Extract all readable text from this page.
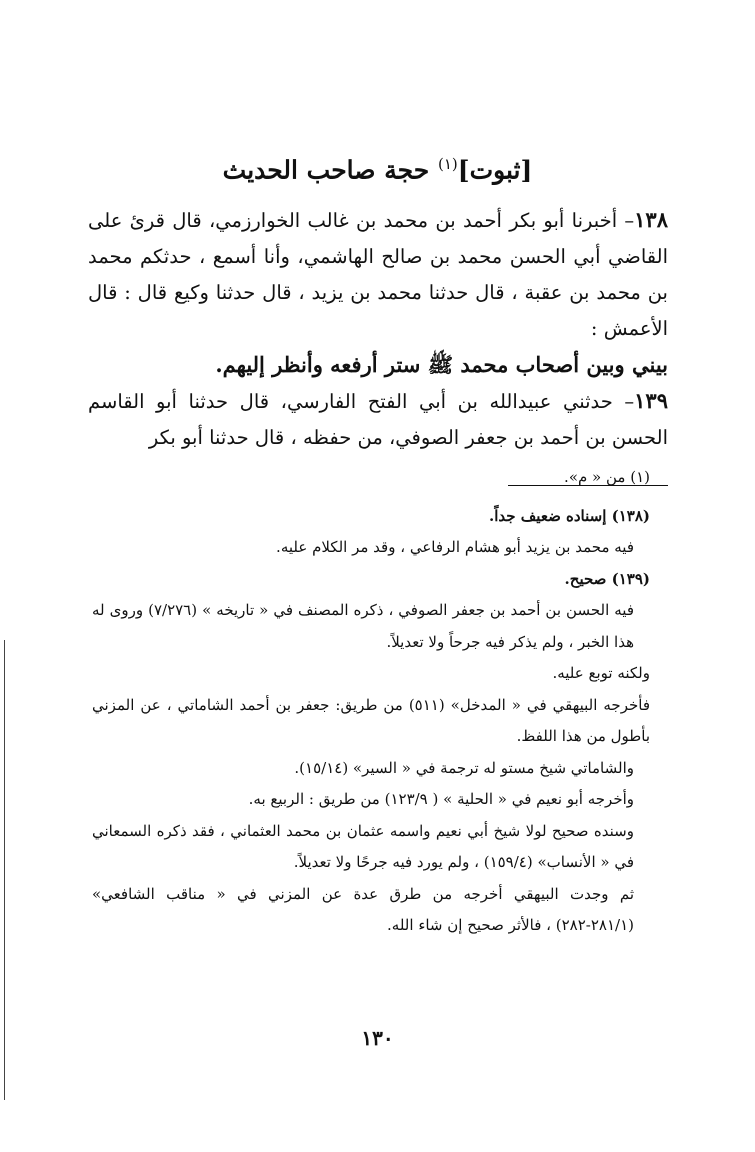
[ثبوت]$^{(١)}$ حجة صاحب الحديث

١٣٨– أخبرنا أبو بكر أحمد بن محمد بن غالب الخوارزمي، قال قرئ على القاضي أبي الحسن محمد بن صالح الهاشمي، وأنا أسمع ، حدثكم محمد بن محمد بن عقبة ، قال حدثنا محمد بن يزيد ، قال حدثنا وكيع قال : قال الأعمش :

بيني وبين أصحاب محمد ﷺ ستر أرفعه وأنظر إليهم.

١٣٩– حدثني عبيدالله بن أبي الفتح الفارسي، قال حدثنا أبو القاسم الحسن بن أحمد بن جعفر الصوفي، من حفظه ، قال حدثنا أبو بكر

(١) من « م».

(١٣٨) إسناده ضعيف جداً.

فيه محمد بن يزيد أبو هشام الرفاعي ، وقد مر الكلام عليه.

(١٣٩) صحيح.

فيه الحسن بن أحمد بن جعفر الصوفي ، ذكره المصنف في « تاريخه » (٧/٢٧٦) وروى له هذا الخبر ، ولم يذكر فيه جرحاً ولا تعديلاً.

ولكنه توبع عليه.

فأخرجه البيهقي في « المدخل» (٥١١) من طريق: جعفر بن أحمد الشاماتي ، عن المزني بأطول من هذا اللفظ.

والشاماتي شيخ مستو له ترجمة في « السير» (١٥/١٤).

وأخرجه أبو نعيم في « الحلية » ( ١٢٣/٩) من طريق : الربيع به.

وسنده صحيح لولا شيخ أبي نعيم واسمه عثمان بن محمد العثماني ، فقد ذكره السمعاني في « الأنساب» (١٥٩/٤) ، ولم يورد فيه جرحًا ولا تعديلاً.

ثم وجدت البيهقي أخرجه من طرق عدة عن المزني في « مناقب الشافعي» (٢٨١/١-٢٨٢) ، فالأثر صحيح إن شاء الله.

١٣٠
